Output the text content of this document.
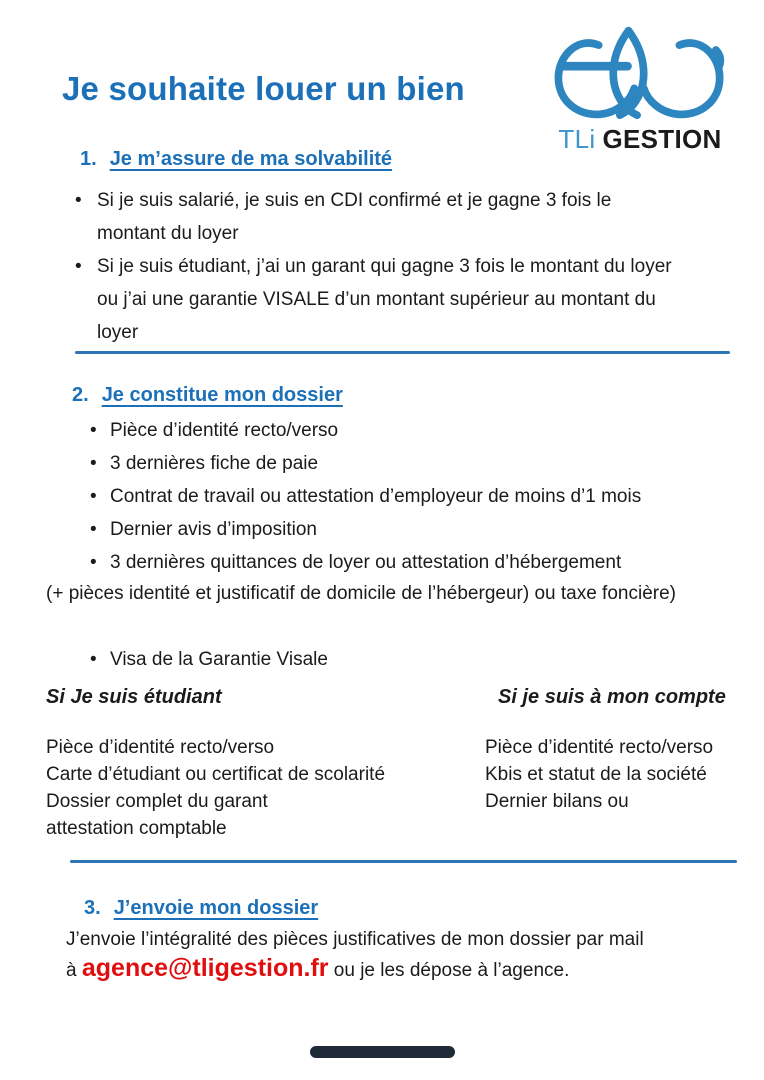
Je souhaite louer un bien
TLi GESTION
1. Je m’assure de ma solvabilité
• Si je suis salarié, je suis en CDI confirmé et je gagne 3 fois le montant du loyer
• Si je suis étudiant, j’ai un garant qui gagne 3 fois le montant du loyer ou j’ai une garantie VISALE d’un montant supérieur au montant du loyer
2. Je constitue mon dossier
• Pièce d’identité recto/verso
• 3 dernières fiche de paie
• Contrat de travail ou attestation d’employeur de moins d’1 mois
• Dernier avis d’imposition
• 3 dernières quittances de loyer ou attestation d’hébergement
(+ pièces identité et justificatif de domicile de l’hébergeur) ou taxe foncière)
• Visa de la Garantie Visale
Si Je suis étudiant
Pièce d’identité recto/verso
Carte d’étudiant ou certificat de scolarité
Dossier complet du garant
attestation comptable
Si je suis à mon compte
Pièce d’identité recto/verso
Kbis et statut de la société
Dernier bilans ou
3. J’envoie mon dossier
J’envoie l’intégralité des pièces justificatives de mon dossier par mail
à agence@tligestion.fr ou je les dépose à l’agence.
